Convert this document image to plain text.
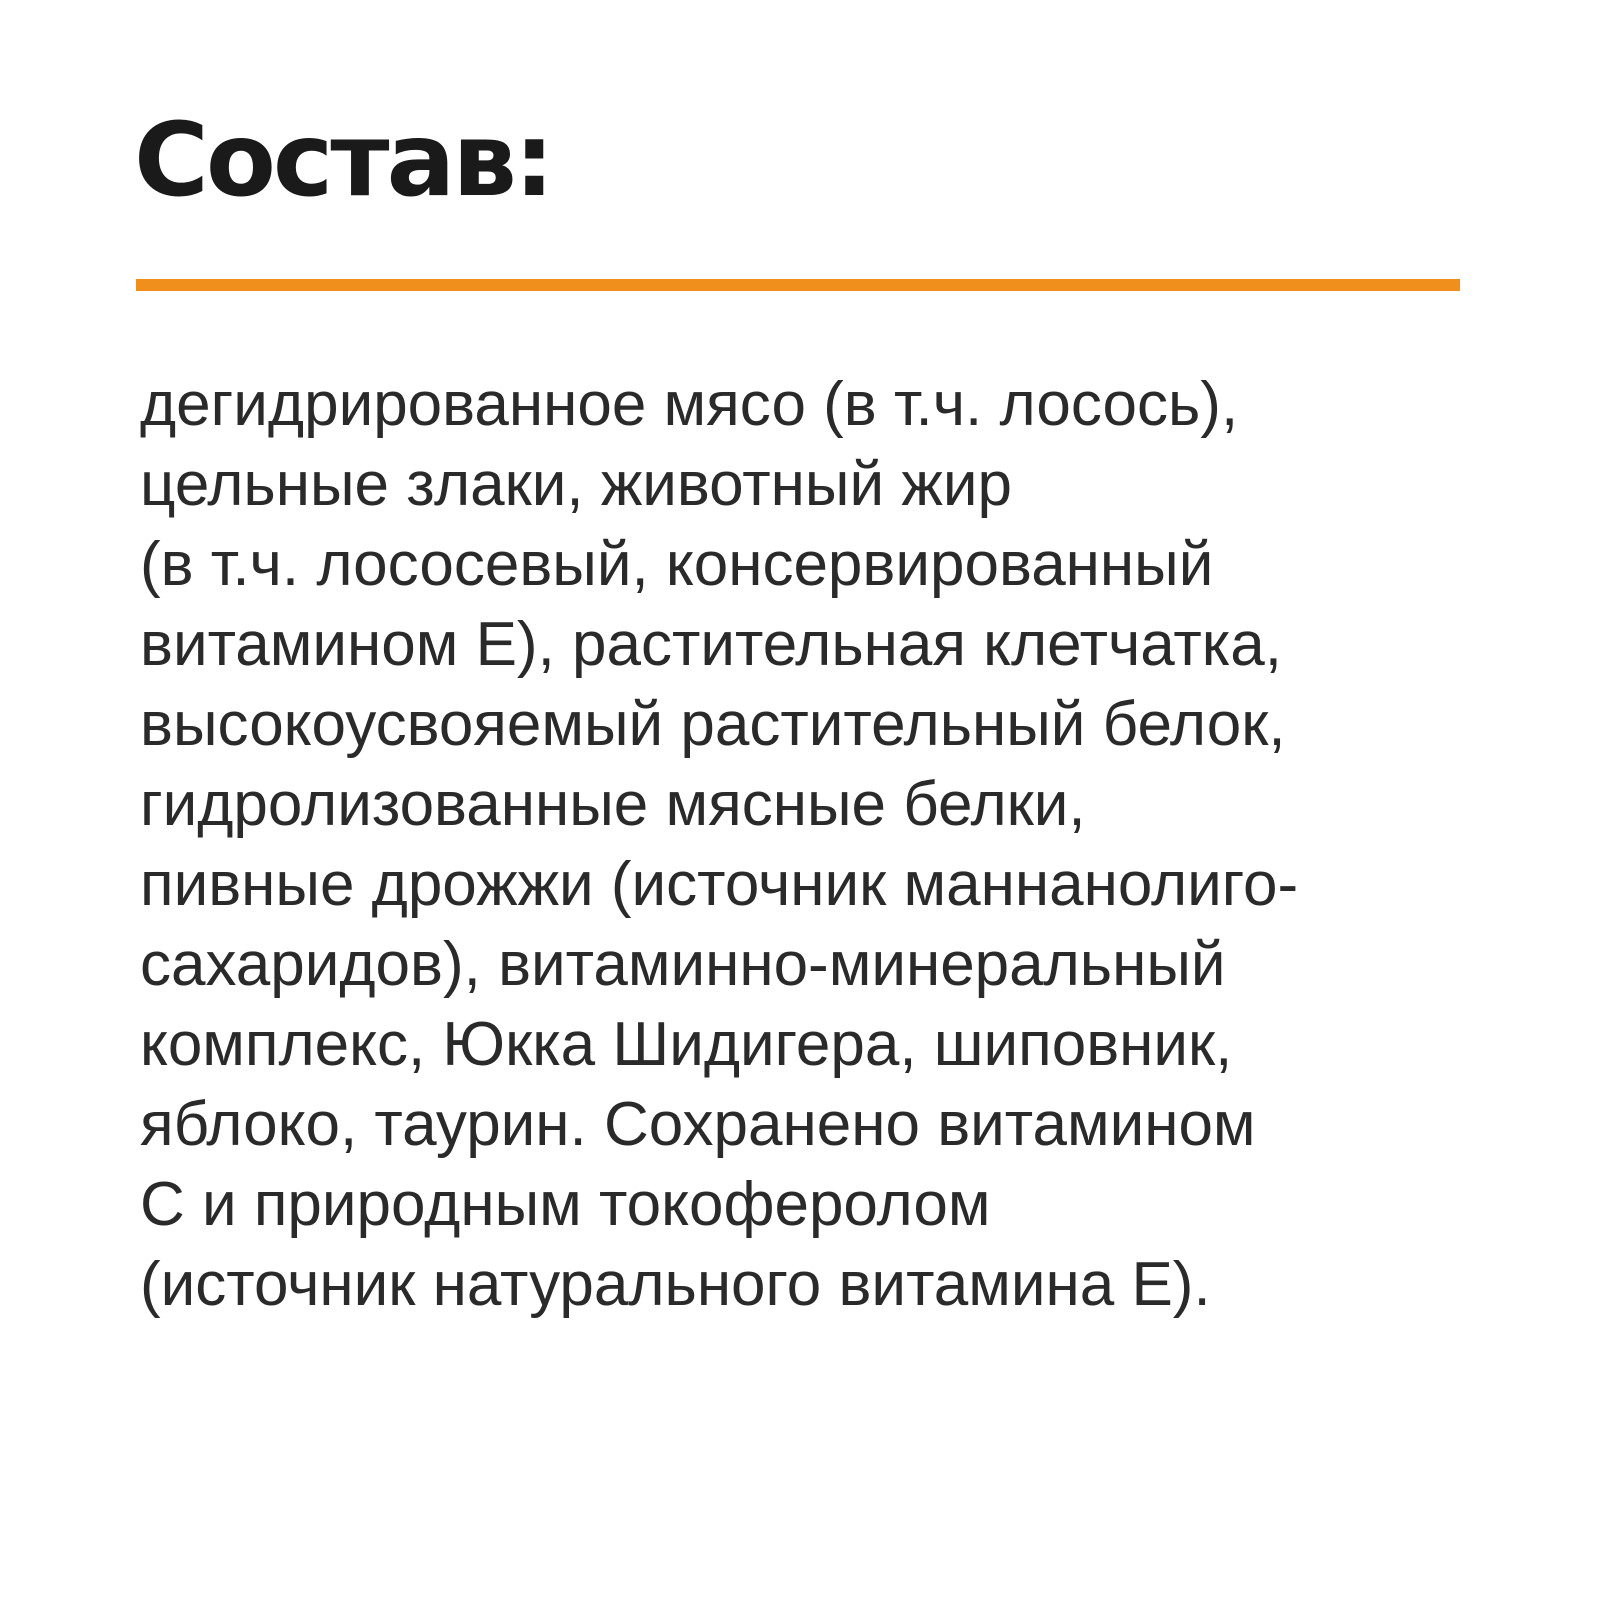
Состав:

дегидрированное мясо (в т.ч. лосось),
цельные злаки, животный жир
(в т.ч. лососевый, консервированный
витамином Е), растительная клетчатка,
высокоусвояемый растительный белок,
гидролизованные мясные белки,
пивные дрожжи (источник маннанолиго-
сахаридов), витаминно-минеральный
комплекс, Юкка Шидигера, шиповник,
яблоко, таурин. Сохранено витамином
С и природным токоферолом
(источник натурального витамина Е).
